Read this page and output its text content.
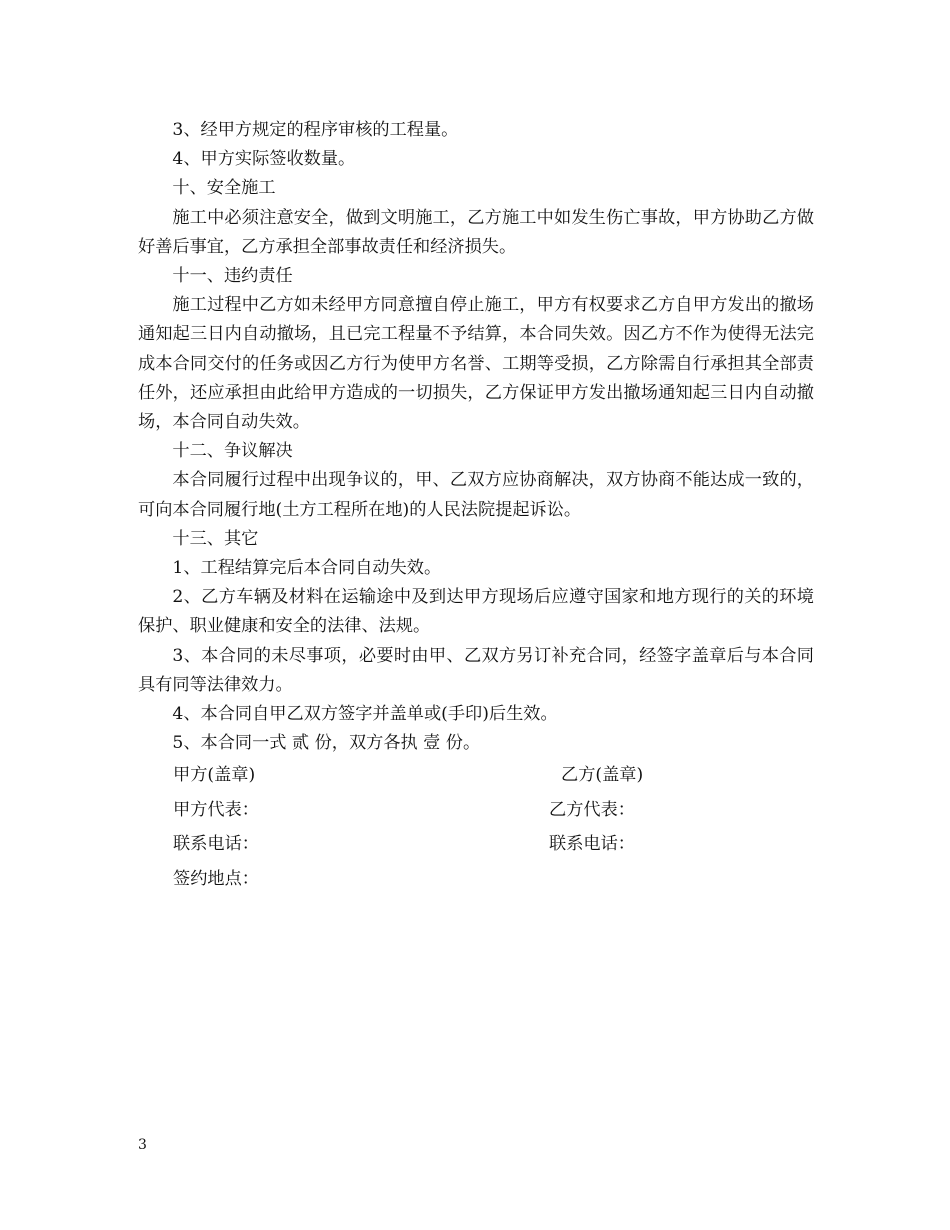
3、经甲方规定的程序审核的工程量。

4、甲方实际签收数量。

十、安全施工

施工中必须注意安全，做到文明施工，乙方施工中如发生伤亡事故，甲方协助乙方做好善后事宜，乙方承担全部事故责任和经济损失。

十一、违约责任

施工过程中乙方如未经甲方同意擅自停止施工，甲方有权要求乙方自甲方发出的撤场通知起三日内自动撤场，且已完工程量不予结算，本合同失效。因乙方不作为使得无法完成本合同交付的任务或因乙方行为使甲方名誉、工期等受损，乙方除需自行承担其全部责任外，还应承担由此给甲方造成的一切损失，乙方保证甲方发出撤场通知起三日内自动撤场，本合同自动失效。

十二、争议解决

本合同履行过程中出现争议的，甲、乙双方应协商解决，双方协商不能达成一致的，可向本合同履行地(土方工程所在地)的人民法院提起诉讼。

十三、其它

1、工程结算完后本合同自动失效。

2、乙方车辆及材料在运输途中及到达甲方现场后应遵守国家和地方现行的关的环境保护、职业健康和安全的法律、法规。

3、本合同的未尽事项，必要时由甲、乙双方另订补充合同，经签字盖章后与本合同具有同等法律效力。

4、本合同自甲乙双方签字并盖单或(手印)后生效。

5、本合同一式 贰 份，双方各执 壹 份。

甲方(盖章)	乙方(盖章)
甲方代表：	乙方代表：
联系电话：	联系电话：
签约地点：
3
